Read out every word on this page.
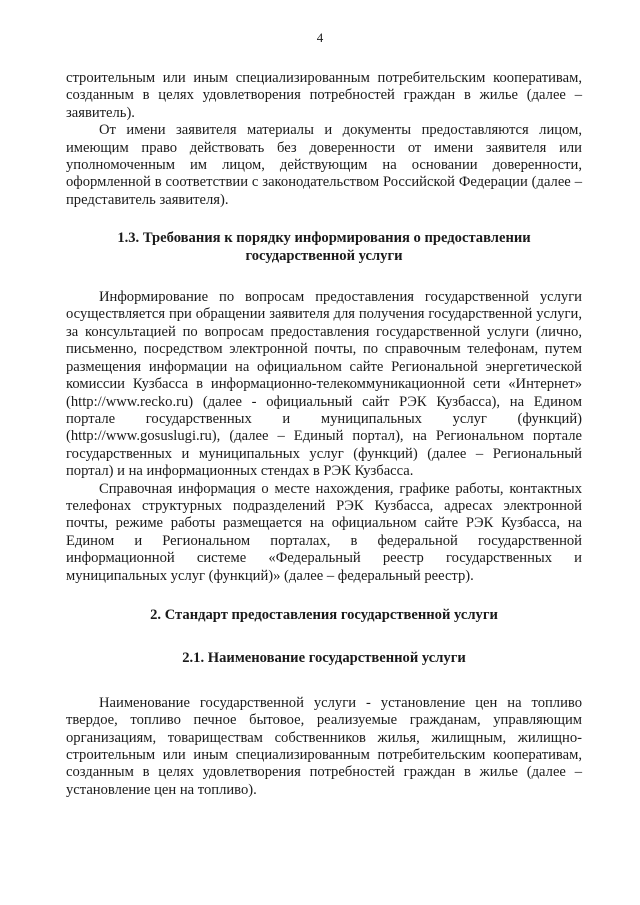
4

строительным или иным специализированным потребительским кооперативам, созданным в целях удовлетворения потребностей граждан в жилье (далее – заявитель).

От имени заявителя материалы и документы предоставляются лицом, имеющим право действовать без доверенности от имени заявителя или уполномоченным им лицом, действующим на основании доверенности, оформленной в соответствии с законодательством Российской Федерации (далее – представитель заявителя).

1.3. Требования к порядку информирования о предоставлении государственной услуги

Информирование по вопросам предоставления государственной услуги осуществляется при обращении заявителя для получения государственной услуги, за консультацией по вопросам предоставления государственной услуги (лично, письменно, посредством электронной почты, по справочным телефонам, путем размещения информации на официальном сайте Региональной энергетической комиссии Кузбасса в информационно-телекоммуникационной сети «Интернет» (http://www.recko.ru) (далее - официальный сайт РЭК Кузбасса), на Едином портале государственных и муниципальных услуг (функций) (http://www.gosuslugi.ru), (далее – Единый портал), на Региональном портале государственных и муниципальных услуг (функций) (далее – Региональный портал) и на информационных стендах в РЭК Кузбасса.

Справочная информация о месте нахождения, графике работы, контактных телефонах структурных подразделений РЭК Кузбасса, адресах электронной почты, режиме работы размещается на официальном сайте РЭК Кузбасса, на Едином и Региональном порталах, в федеральной государственной информационной системе «Федеральный реестр государственных и муниципальных услуг (функций)» (далее – федеральный реестр).

2. Стандарт предоставления государственной услуги
2.1. Наименование государственной услуги

Наименование государственной услуги - установление цен на топливо твердое, топливо печное бытовое, реализуемые гражданам, управляющим организациям, товариществам собственников жилья, жилищным, жилищно-строительным или иным специализированным потребительским кооперативам, созданным в целях удовлетворения потребностей граждан в жилье (далее – установление цен на топливо).
